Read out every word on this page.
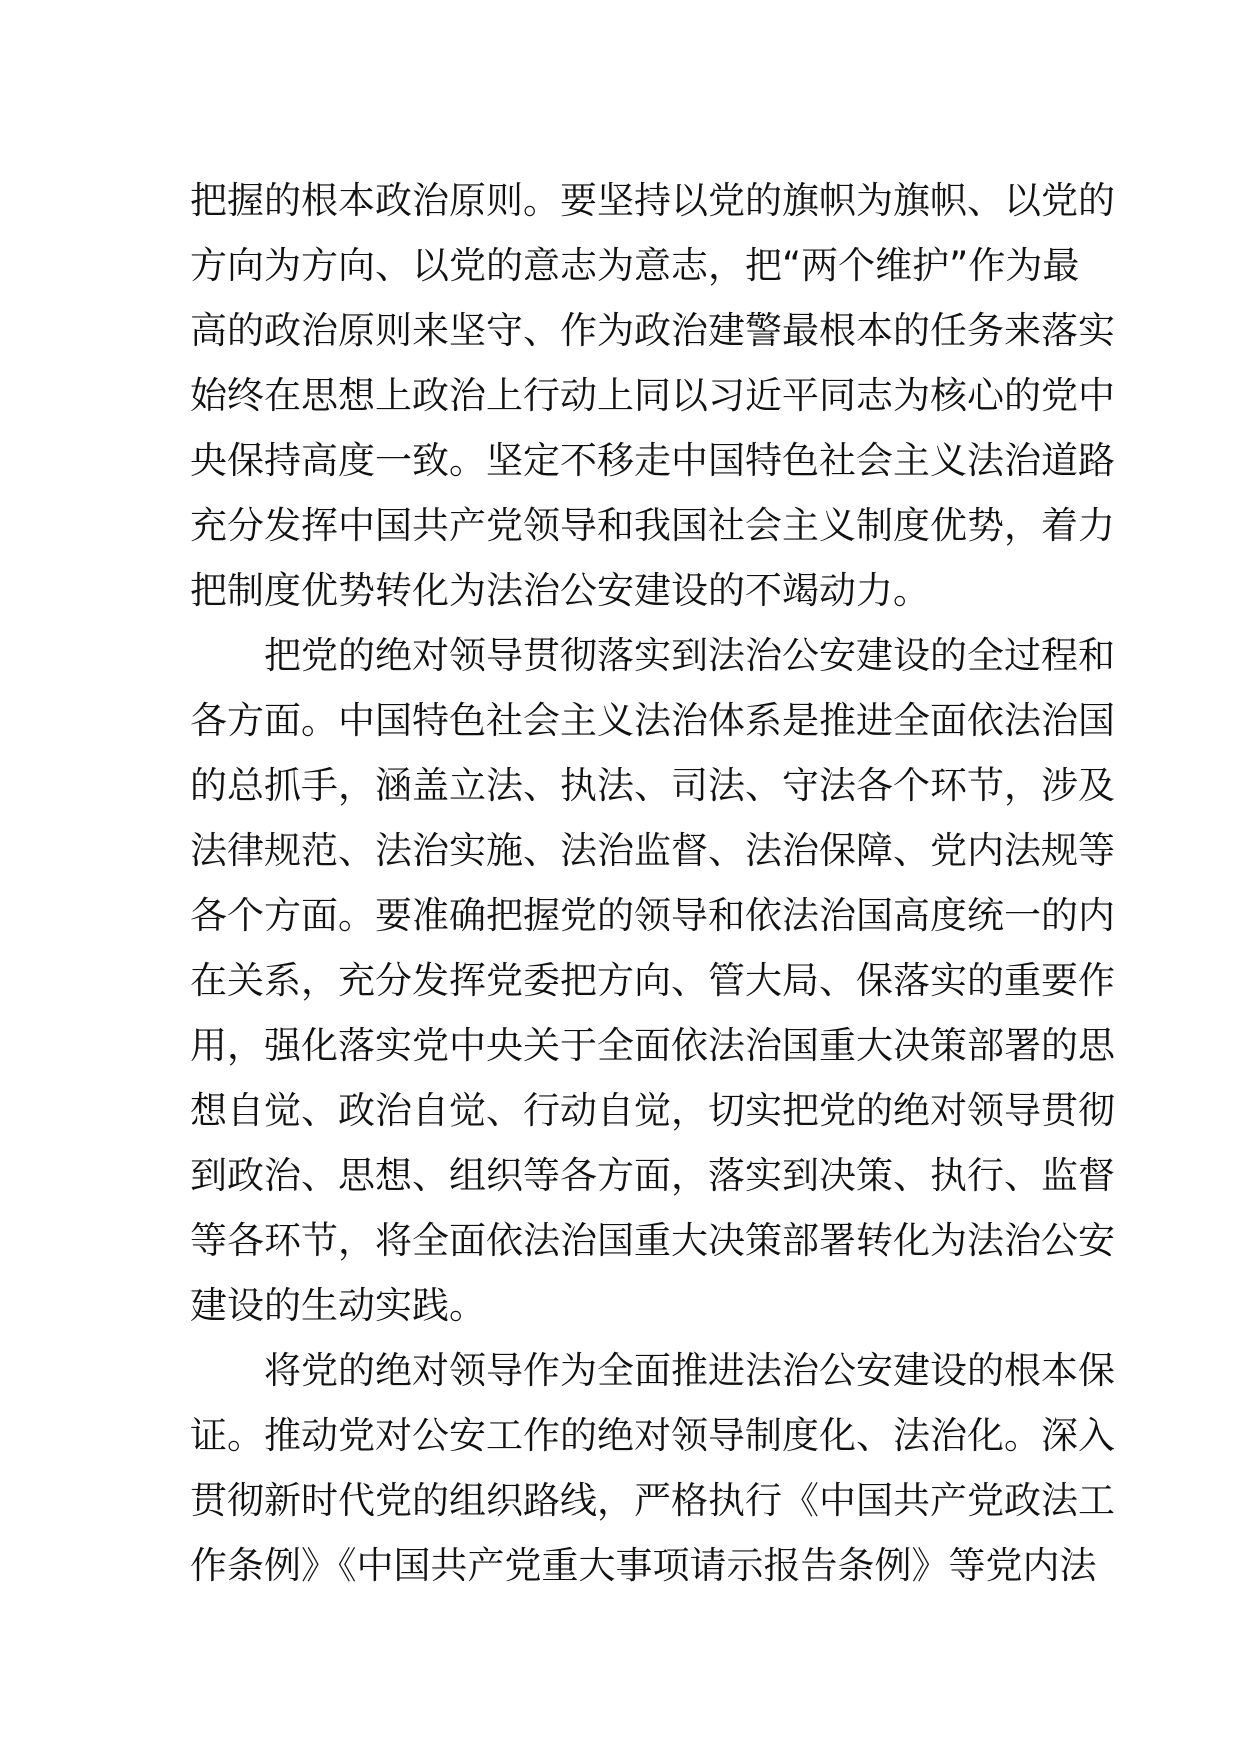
把握的根本政治原则。要坚持以党的旗帜为旗帜、以党的
方向为方向、以党的意志为意志，把“两个维护”作为最
高的政治原则来坚守、作为政治建警最根本的任务来落实
始终在思想上政治上行动上同以习近平同志为核心的党中
央保持高度一致。坚定不移走中国特色社会主义法治道路
充分发挥中国共产党领导和我国社会主义制度优势，着力
把制度优势转化为法治公安建设的不竭动力。
把党的绝对领导贯彻落实到法治公安建设的全过程和
各方面。中国特色社会主义法治体系是推进全面依法治国
的总抓手，涵盖立法、执法、司法、守法各个环节，涉及
法律规范、法治实施、法治监督、法治保障、党内法规等
各个方面。要准确把握党的领导和依法治国高度统一的内
在关系，充分发挥党委把方向、管大局、保落实的重要作
用，强化落实党中央关于全面依法治国重大决策部署的思
想自觉、政治自觉、行动自觉，切实把党的绝对领导贯彻
到政治、思想、组织等各方面，落实到决策、执行、监督
等各环节，将全面依法治国重大决策部署转化为法治公安
建设的生动实践。
将党的绝对领导作为全面推进法治公安建设的根本保
证。推动党对公安工作的绝对领导制度化、法治化。深入
贯彻新时代党的组织路线，严格执行《中国共产党政法工
作条例》《中国共产党重大事项请示报告条例》等党内法
